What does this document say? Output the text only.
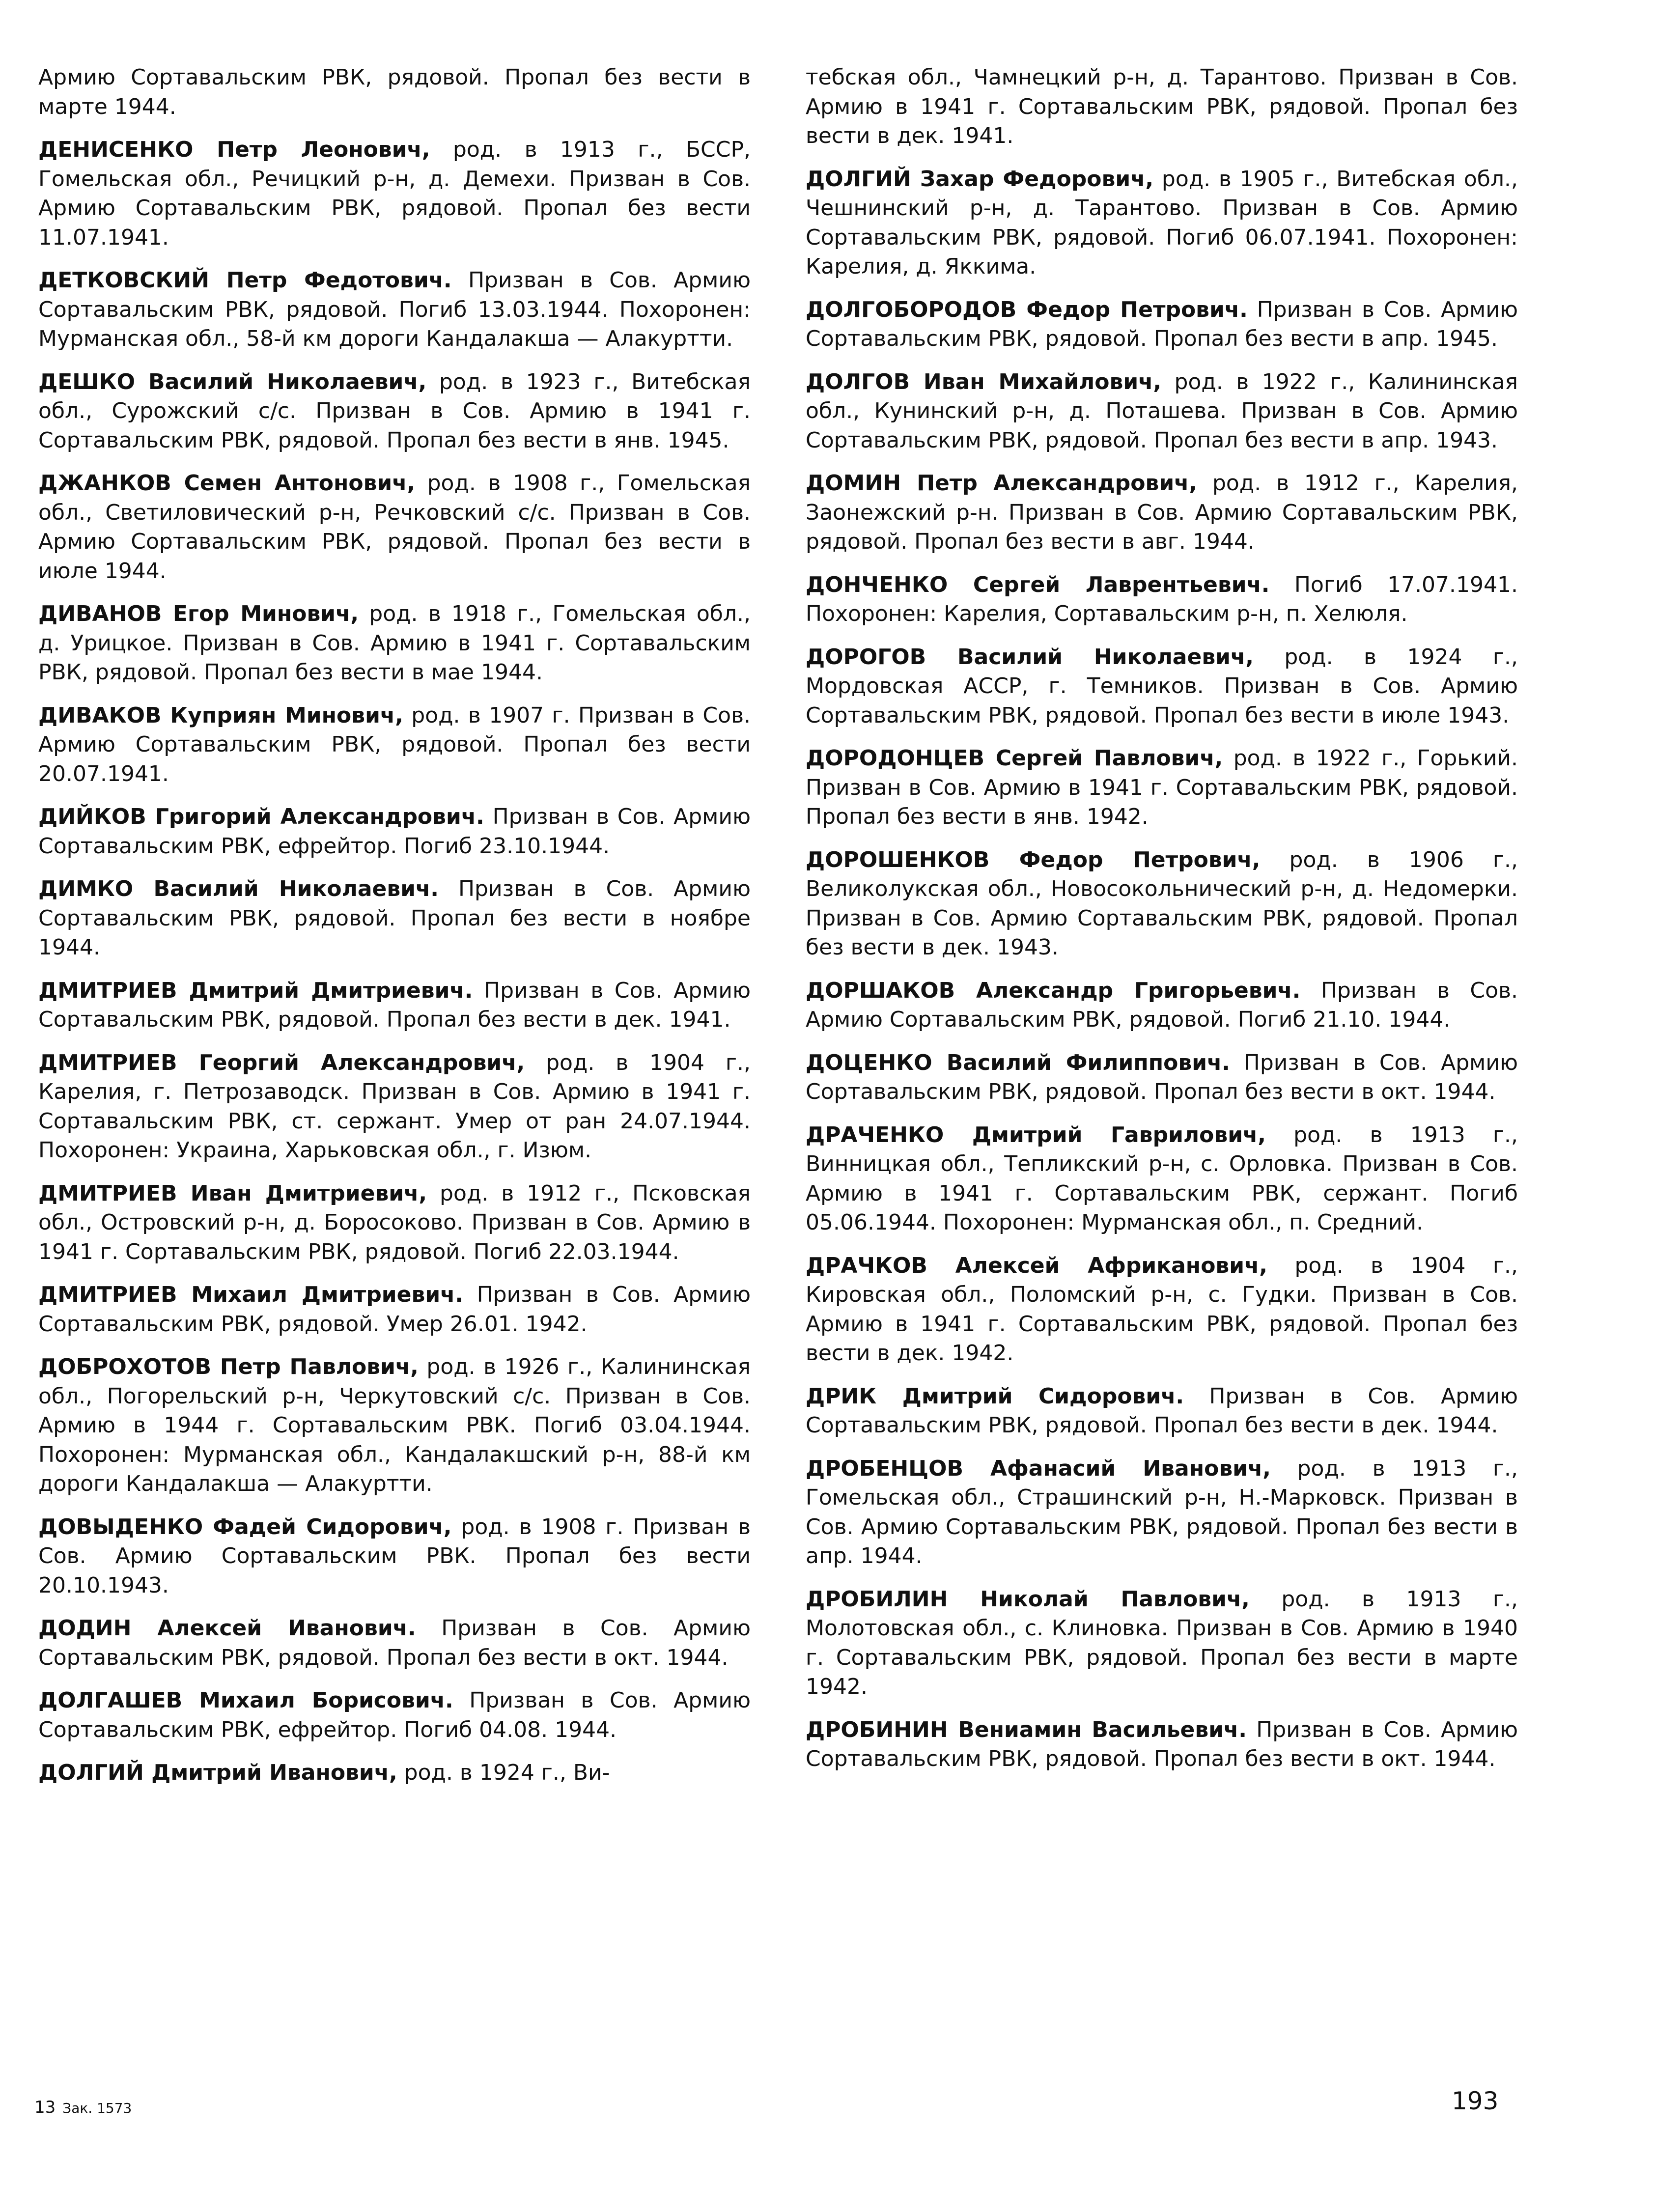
Армию Сортавальским РВК, рядовой. Пропал без вести в марте 1944.

ДЕНИСЕНКО Петр Леонович, род. в 1913 г., БССР, Гомельская обл., Речицкий р-н, д. Демехи. Призван в Сов. Армию Сортавальским РВК, рядовой. Пропал без вести 11.07.1941.

ДЕТКОВСКИЙ Петр Федотович. Призван в Сов. Армию Сортавальским РВК, рядовой. Погиб 13.03.1944. Похоронен: Мурманская обл., 58-й км дороги Кандалакша — Алакуртти.

ДЕШКО Василий Николаевич, род. в 1923 г., Витебская обл., Сурожский с/с. Призван в Сов. Армию в 1941 г. Сортавальским РВК, рядовой. Пропал без вести в янв. 1945.

ДЖАНКОВ Семен Антонович, род. в 1908 г., Гомельская обл., Светиловический р-н, Речковский с/с. Призван в Сов. Армию Сортавальским РВК, рядовой. Пропал без вести в июле 1944.

ДИВАНОВ Егор Минович, род. в 1918 г., Гомельская обл., д. Урицкое. Призван в Сов. Армию в 1941 г. Сортавальским РВК, рядовой. Пропал без вести в мае 1944.

ДИВАКОВ Куприян Минович, род. в 1907 г. Призван в Сов. Армию Сортавальским РВК, рядовой. Пропал без вести 20.07.1941.

ДИЙКОВ Григорий Александрович. Призван в Сов. Армию Сортавальским РВК, ефрейтор. Погиб 23.10.1944.

ДИМКО Василий Николаевич. Призван в Сов. Армию Сортавальским РВК, рядовой. Пропал без вести в ноябре 1944.

ДМИТРИЕВ Дмитрий Дмитриевич. Призван в Сов. Армию Сортавальским РВК, рядовой. Пропал без вести в дек. 1941.

ДМИТРИЕВ Георгий Александрович, род. в 1904 г., Карелия, г. Петрозаводск. Призван в Сов. Армию в 1941 г. Сортавальским РВК, ст. сержант. Умер от ран 24.07.1944. Похоронен: Украина, Харьковская обл., г. Изюм.

ДМИТРИЕВ Иван Дмитриевич, род. в 1912 г., Псковская обл., Островский р-н, д. Боросоково. Призван в Сов. Армию в 1941 г. Сортавальским РВК, рядовой. Погиб 22.03.1944.

ДМИТРИЕВ Михаил Дмитриевич. Призван в Сов. Армию Сортавальским РВК, рядовой. Умер 26.01. 1942.

ДОБРОХОТОВ Петр Павлович, род. в 1926 г., Калининская обл., Погорельский р-н, Черкутовский с/с. Призван в Сов. Армию в 1944 г. Сортавальским РВК. Погиб 03.04.1944. Похоронен: Мурманская обл., Кандалакшский р-н, 88-й км дороги Кандалакша — Алакуртти.

ДОВЫДЕНКО Фадей Сидорович, род. в 1908 г. Призван в Сов. Армию Сортавальским РВК. Пропал без вести 20.10.1943.

ДОДИН Алексей Иванович. Призван в Сов. Армию Сортавальским РВК, рядовой. Пропал без вести в окт. 1944.

ДОЛГАШЕВ Михаил Борисович. Призван в Сов. Армию Сортавальским РВК, ефрейтор. Погиб 04.08. 1944.

ДОЛГИЙ Дмитрий Иванович, род. в 1924 г., Ви-

тебская обл., Чамнецкий р-н, д. Тарантово. Призван в Сов. Армию в 1941 г. Сортавальским РВК, рядовой. Пропал без вести в дек. 1941.

ДОЛГИЙ Захар Федорович, род. в 1905 г., Витебская обл., Чешнинский р-н, д. Тарантово. Призван в Сов. Армию Сортавальским РВК, рядовой. Погиб 06.07.1941. Похоронен: Карелия, д. Яккима.

ДОЛГОБОРОДОВ Федор Петрович. Призван в Сов. Армию Сортавальским РВК, рядовой. Пропал без вести в апр. 1945.

ДОЛГОВ Иван Михайлович, род. в 1922 г., Калининская обл., Кунинский р-н, д. Поташева. Призван в Сов. Армию Сортавальским РВК, рядовой. Пропал без вести в апр. 1943.

ДОМИН Петр Александрович, род. в 1912 г., Карелия, Заонежский р-н. Призван в Сов. Армию Сортавальским РВК, рядовой. Пропал без вести в авг. 1944.

ДОНЧЕНКО Сергей Лаврентьевич. Погиб 17.07.1941. Похоронен: Карелия, Сортавальским р-н, п. Хелюля.

ДОРОГОВ Василий Николаевич, род. в 1924 г., Мордовская АССР, г. Темников. Призван в Сов. Армию Сортавальским РВК, рядовой. Пропал без вести в июле 1943.

ДОРОДОНЦЕВ Сергей Павлович, род. в 1922 г., Горький. Призван в Сов. Армию в 1941 г. Сортавальским РВК, рядовой. Пропал без вести в янв. 1942.

ДОРОШЕНКОВ Федор Петрович, род. в 1906 г., Великолукская обл., Новосокольнический р-н, д. Недомерки. Призван в Сов. Армию Сортавальским РВК, рядовой. Пропал без вести в дек. 1943.

ДОРШАКОВ Александр Григорьевич. Призван в Сов. Армию Сортавальским РВК, рядовой. Погиб 21.10. 1944.

ДОЦЕНКО Василий Филиппович. Призван в Сов. Армию Сортавальским РВК, рядовой. Пропал без вести в окт. 1944.

ДРАЧЕНКО Дмитрий Гаврилович, род. в 1913 г., Винницкая обл., Тепликский р-н, с. Орловка. Призван в Сов. Армию в 1941 г. Сортавальским РВК, сержант. Погиб 05.06.1944. Похоронен: Мурманская обл., п. Средний.

ДРАЧКОВ Алексей Африканович, род. в 1904 г., Кировская обл., Поломский р-н, с. Гудки. Призван в Сов. Армию в 1941 г. Сортавальским РВК, рядовой. Пропал без вести в дек. 1942.

ДРИК Дмитрий Сидорович. Призван в Сов. Армию Сортавальским РВК, рядовой. Пропал без вести в дек. 1944.

ДРОБЕНЦОВ Афанасий Иванович, род. в 1913 г., Гомельская обл., Страшинский р-н, Н.-Марковск. Призван в Сов. Армию Сортавальским РВК, рядовой. Пропал без вести в апр. 1944.

ДРОБИЛИН Николай Павлович, род. в 1913 г., Молотовская обл., с. Клиновка. Призван в Сов. Армию в 1940 г. Сортавальским РВК, рядовой. Пропал без вести в марте 1942.

ДРОБИНИН Вениамин Васильевич. Призван в Сов. Армию Сортавальским РВК, рядовой. Пропал без вести в окт. 1944.

13 Зак. 1573	193
